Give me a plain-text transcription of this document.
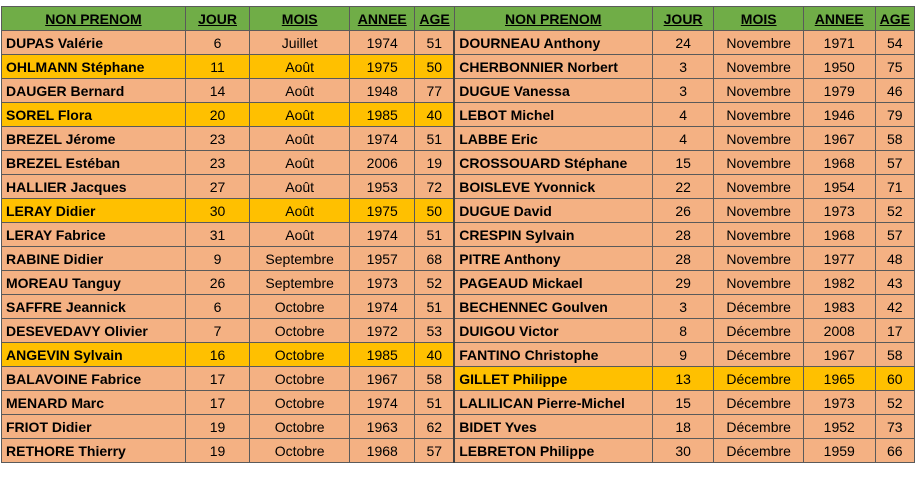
NON PRENOM	JOUR	MOIS	ANNEE	AGE	NON PRENOM	JOUR	MOIS	ANNEE	AGE
DUPAS Valérie	6	Juillet	1974	51	DOURNEAU Anthony	24	Novembre	1971	54
OHLMANN Stéphane	11	Août	1975	50	CHERBONNIER Norbert	3	Novembre	1950	75
DAUGER Bernard	14	Août	1948	77	DUGUE Vanessa	3	Novembre	1979	46
SOREL Flora	20	Août	1985	40	LEBOT Michel	4	Novembre	1946	79
BREZEL Jérome	23	Août	1974	51	LABBE Eric	4	Novembre	1967	58
BREZEL Estéban	23	Août	2006	19	CROSSOUARD Stéphane	15	Novembre	1968	57
HALLIER Jacques	27	Août	1953	72	BOISLEVE Yvonnick	22	Novembre	1954	71
LERAY Didier	30	Août	1975	50	DUGUE David	26	Novembre	1973	52
LERAY Fabrice	31	Août	1974	51	CRESPIN Sylvain	28	Novembre	1968	57
RABINE Didier	9	Septembre	1957	68	PITRE Anthony	28	Novembre	1977	48
MOREAU Tanguy	26	Septembre	1973	52	PAGEAUD Mickael	29	Novembre	1982	43
SAFFRE Jeannick	6	Octobre	1974	51	BECHENNEC Goulven	3	Décembre	1983	42
DESEVEDAVY Olivier	7	Octobre	1972	53	DUIGOU Victor	8	Décembre	2008	17
ANGEVIN Sylvain	16	Octobre	1985	40	FANTINO Christophe	9	Décembre	1967	58
BALAVOINE Fabrice	17	Octobre	1967	58	GILLET Philippe	13	Décembre	1965	60
MENARD Marc	17	Octobre	1974	51	LALILICAN Pierre-Michel	15	Décembre	1973	52
FRIOT Didier	19	Octobre	1963	62	BIDET Yves	18	Décembre	1952	73
RETHORE Thierry	19	Octobre	1968	57	LEBRETON Philippe	30	Décembre	1959	66
